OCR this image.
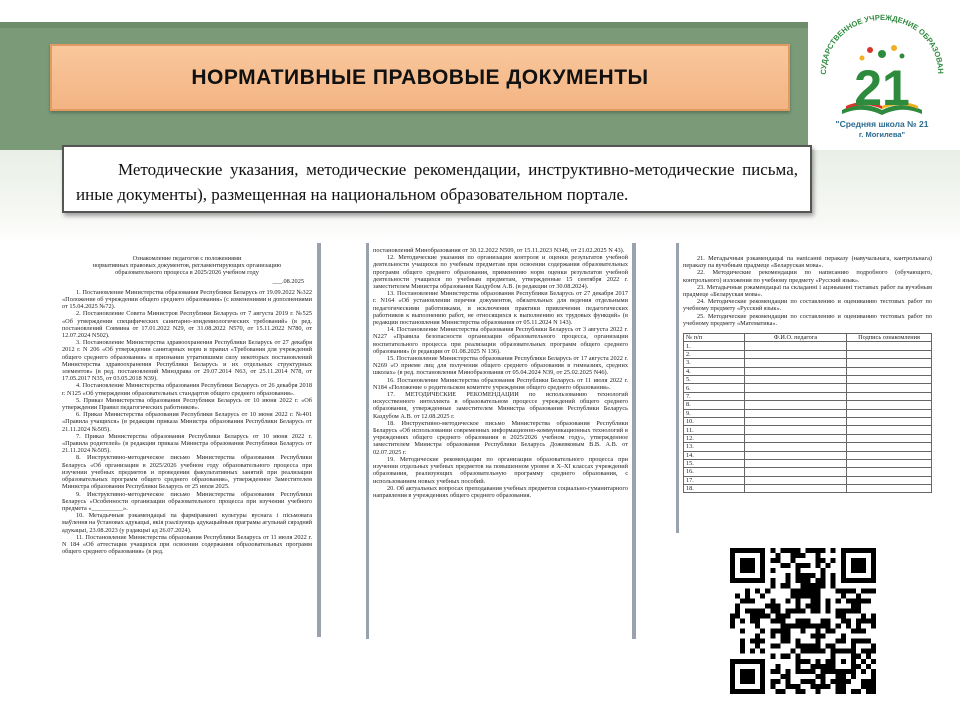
НОРМАТИВНЫЕ ПРАВОВЫЕ ДОКУМЕНТЫ

Методические указания, методические рекомендации, инструктивно-методические письма, иные документы), размещенная на национальном образовательном портале.

СУДАРСТВЕННОЕ УЧРЕЖДЕНИЕ ОБРАЗОВАН
21
"Средняя школа № 21
г. Могилева"
Ознакомление педагогов с положениями
нормативных правовых документов, регламентирующих организацию
образовательного процесса в 2025/2026 учебном году
___.08.2025

1. Постановление Министерства образования Республики Беларусь от 19.09.2022 №322 «Положение об учреждении общего среднего образования» (с изменениями и дополнениями от 15.04.2025 №72).

2. Постановление Совета Министров Республики Беларусь от 7 августа 2019 г. №525 «Об утверждении специфических санитарно-эпидемиологических требований» (в ред. постановлений Совмина от 17.01.2022 N29, от 31.08.2022 N570, от 15.11.2022 N780, от 12.07.2024 N502).

3. Постановление Министерства здравоохранения Республики Беларусь от 27 декабря 2012 г. N 206 «Об утверждении санитарных норм и правил «Требования для учреждений общего среднего образования» и признании утратившими силу некоторых постановлений Министерства здравоохранения Республики Беларусь и их отдельных структурных элементов» (в ред. постановлений Минздрава от 29.07.2014 N63, от 25.11.2014 N78, от 17.05.2017 N35, от 03.05.2018 N39).

4. Постановление Министерства образования Республики Беларусь от 26 декабря 2018 г. N125 «Об утверждении образовательных стандартов общего среднего образования».

5. Приказ Министерства образования Республики Беларусь от 10 июня 2022 г. «Об утверждении Правил педагогических работников».

6. Приказ Министерства образования Республики Беларусь от 10 июня 2022 г. №401 «Правила учащихся» (в редакции приказа Министра образования Республики Беларусь от 21.11.2024 №505).

7. Приказ Министерства образования Республики Беларусь от 10 июня 2022 г. «Правила родителей» (в редакции приказа Министра образования Республики Беларусь от 21.11.2024 №505).

8. Инструктивно-методическое письмо Министерства образования Республики Беларусь «Об организации в 2025/2026 учебном году образовательного процесса при изучении учебных предметов и проведении факультативных занятий при реализации образовательных программ общего среднего образования», утвержденное Заместителем Министра образования Республики Беларусь от 25 июля 2025.

9. Инструктивно-методическое письмо Министерства образования Республики Беларусь «Особенности организации образовательного процесса при изучении учебного предмета «__________».

10. Метадычныя рэкамендацыі па фарміраванні культуры вуснага і пісьмовага маўлення на ўстановах адукацыі, якія рэалізуюць адукацыйныя праграмы агульнай сярэдняй адукацыі, 23.08.2023 (у рэдакцыі ад 26.07.2024).

11. Постановление Министерства образования Республики Беларусь от 11 июля 2022 г. N 184 «Об аттестации учащихся при освоении содержания образовательных программ общего среднего образования» (в ред.

постановлений Минобразования от 30.12.2022 N509, от 15.11.2023 N348, от 21.02.2025 N 43).

12. Методические указания по организации контроля и оценки результатов учебной деятельности учащихся по учебным предметам при освоении содержания образовательных программ общего среднего образования, применению норм оценки результатов учебной деятельности учащихся по учебным предметам, утвержденные 15 сентября 2022 г. заместителем Министра образования Каздубом А.В. (в редакции от 30.08.2024).

13. Постановление Министерства образования Республики Беларусь от 27 декабря 2017 г. N164 «Об установлении перечня документов, обязательных для ведения отдельными педагогическими работниками, и исключения практики привлечения педагогических работников к выполнению работ, не относящихся к выполнению их трудовых функций» (в редакции постановления Министерства образования от 05.11.2024 N 143).

14. Постановление Министерства образования Республики Беларусь от 3 августа 2022 г. N227 «Правила безопасности организации образовательного процесса, организации воспитательного процесса при реализации образовательных программ общего среднего образования» (в редакции от 01.08.2025 N 136).

15. Постановление Министерства образования Республики Беларусь от 17 августа 2022 г. N269 «О приеме лиц для получения общего среднего образования в гимназиях, средних школах» (в ред. постановления Минобразования от 05.04.2024 N39, от 25.02.2025 N46).

16. Постановление Министерства образования Республики Беларусь от 11 июля 2022 г. N184 «Положение о родительском комитете учреждения общего среднего образования».

17. МЕТОДИЧЕСКИЕ РЕКОМЕНДАЦИИ по использованию технологий искусственного интеллекта в образовательном процессе учреждений общего среднего образования, утвержденные заместителем Министра образования Республики Беларусь Каздубом А.В. от 12.08.2025 г.

18. Инструктивно-методическое письмо Министерства образования Республики Беларусь «Об использовании современных информационно-коммуникационных технологий в учреждениях общего среднего образования в 2025/2026 учебном году», утвержденное заместителем Министра образования Республики Беларусь Дожевковым В.В. А.В. от 02.07.2025 г.

19. Методические рекомендации по организации образовательного процесса при изучении отдельных учебных предметов на повышенном уровне в X–XI классах учреждений образования, реализующих образовательную программу среднего образования, с использованием новых учебных пособий.

20. Об актуальных вопросах преподавания учебных предметов социально-гуманитарного направления в учреждениях общего среднего образования.

21. Метадычныя рэкамендацыі па напісанні пераказу (навучальнага, кантрольнага) пераказу па вучэбным прадмеце «Беларуская мова».

22. Методические рекомендации по написанию подробного (обучающего, контрольного) изложения по учебному предмету «Русский язык».

23. Метадычныя рэкамендацыі па складанні і ацэньванні тэставых работ па вучэбным прадмеце «Беларуская мова».

24. Методические рекомендации по составлению и оцениванию тестовых работ по учебному предмету «Русский язык».

25. Методические рекомендации по составлению и оцениванию тестовых работ по учебному предмету «Математика».

№ п/п	Ф.И.О. педагога	Подпись ознакомления
1.		
2.		
3.		
4.		
5.		
6.		
7.		
8.		
9.		
10.		
11.		
12.		
13.		
14.		
15.		
16.		
17.		
18.		
